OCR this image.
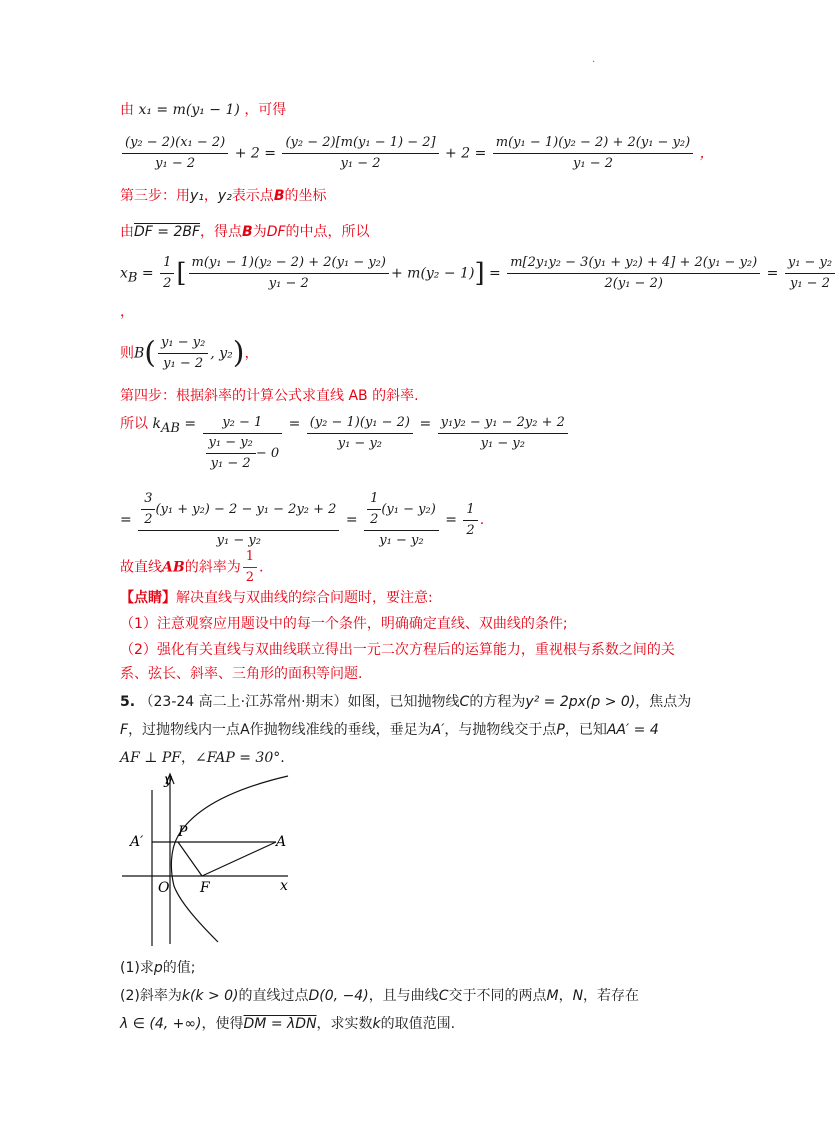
.
由 x₁ = m(y₁ − 1) ，可得
$\frac{\text{(y₂ − 2)(x₁ − 2)}}{\text{y₁ − 2}} + 2 = \frac{\text{(y₂ − 2)[m(y₁ − 1) − 2]}}{\text{y₁ − 2}} + 2 = \frac{\text{m(y₁ − 1)(y₂ − 2) + 2(y₁ − y₂)}}{\text{y₁ − 2}}$ ，
第三步：用y₁，y₂表示点B的坐标
由DF = 2BF，得点B为DF的中点，所以
$x_B = \frac{1}{2}$ [ $\frac{\text{m(y₁ − 1)(y₂ − 2) + 2(y₁ − y₂)}}{\text{y₁ − 2}} + m(y_2 - 1)] = \frac{\text{m[2y₁y₂ − 3(y₁ + y₂) + 4] + 2(y₁ − y₂)}}{\text{2(y₁ − 2)}} = \frac{\text{y₁ − y₂}}{\text{y₁ − 2}}$
，
则$B( \frac{\text{y₁ − y₂}}{\text{y₁ − 2}}$ , y₂)，
第四步：根据斜率的计算公式求直线 AB 的斜率.
所以 $k_{AB} = \frac{\text{y₂ − 1}}{\frac{\text{y₁ − y₂}}{\text{y₁ − 2}} - 0} = \frac{\text{(y₂ − 1)(y₁ − 2)}}{\text{y₁ − y₂}} = \frac{\text{y₁y₂ − y₁ − 2y₂ + 2}}{\text{y₁ − y₂}}$
= $\frac{\frac{3}{2} (y_1 + y_2) - 2 - y_1 - 2y_2 + 2}{\text{y₁ − y₂}} = \frac{\frac{1}{2} (y_1 - y_2)}{\text{y₁ − y₂}} = \frac{1}{2}$ .
故直线AB的斜率为 $\frac{1}{2}$ .
【点睛】解决直线与双曲线的综合问题时，要注意:
（1）注意观察应用题设中的每一个条件，明确确定直线、双曲线的条件;
（2）强化有关直线与双曲线联立得出一元二次方程后的运算能力，重视根与系数之间的关
系、弦长、斜率、三角形的面积等问题.
5. （23-24 高二上·江苏常州·期末）如图，已知抛物线C的方程为y² = 2px(p > 0)，焦点为
F，过抛物线内一点A作抛物线准线的垂线，垂足为A′，与抛物线交于点P，已知AA′ = 4
AF ⊥ PF，∠FAP = 30°.
y
x
O F
P
A
A′
(1)求p的值;
(2)斜率为k(k > 0)的直线过点D(0, −4)，且与曲线C交于不同的两点M，N，若存在
λ ∈ (4, +∞)，使得DM = λDN，求实数k的取值范围.
